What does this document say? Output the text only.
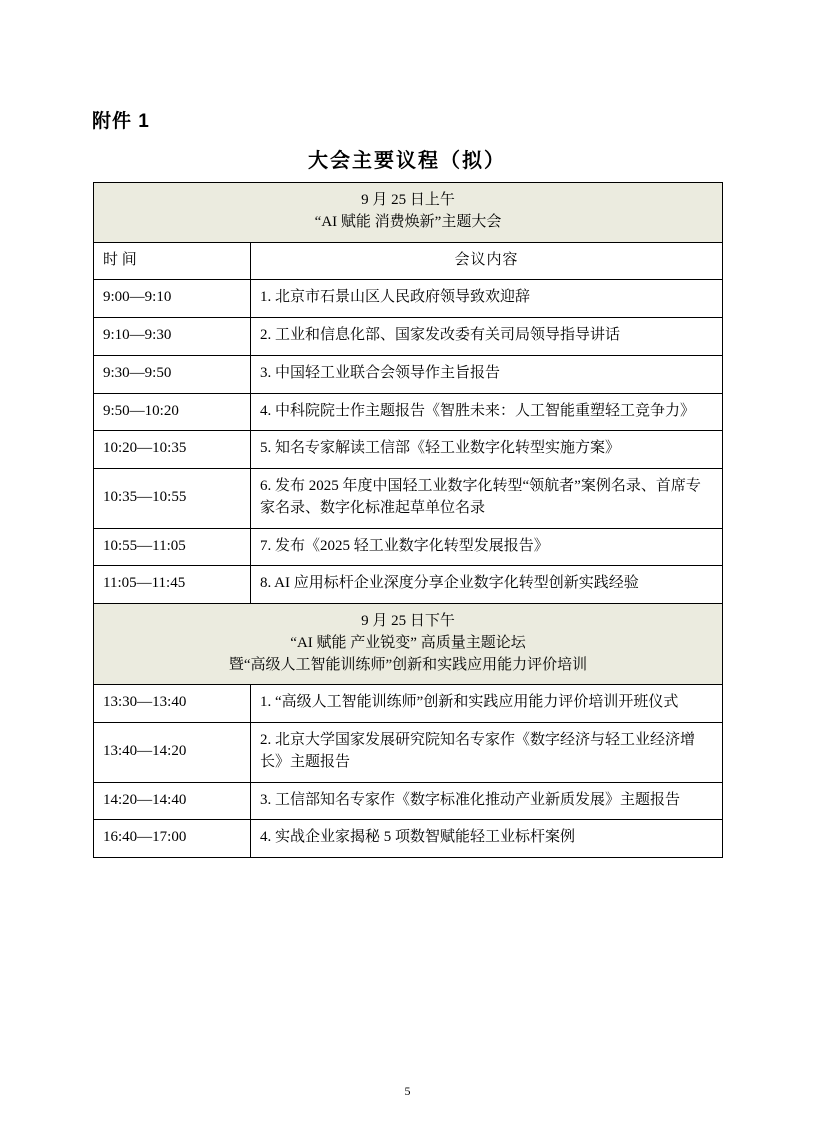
附件 1
大会主要议程（拟）
9 月 25 日上午
“AI 赋能 消费焕新”主题大会	

时 间	会议内容
9:00—9:10	1. 北京市石景山区人民政府领导致欢迎辞
9:10—9:30	2. 工业和信息化部、国家发改委有关司局领导指导讲话
9:30—9:50	3. 中国轻工业联合会领导作主旨报告
9:50—10:20	4. 中科院院士作主题报告《智胜未来：人工智能重塑轻工竞争力》
10:20—10:35	5. 知名专家解读工信部《轻工业数字化转型实施方案》
10:35—10:55	6. 发布 2025 年度中国轻工业数字化转型“领航者”案例名录、首席专家名录、数字化标准起草单位名录
10:55—11:05	7. 发布《2025 轻工业数字化转型发展报告》
11:05—11:45	8. AI 应用标杆企业深度分享企业数字化转型创新实践经验

9 月 25 日下午
“AI 赋能 产业锐变” 高质量主题论坛
暨“高级人工智能训练师”创新和实践应用能力评价培训	

13:30—13:40	1. “高级人工智能训练师”创新和实践应用能力评价培训开班仪式
13:40—14:20	2. 北京大学国家发展研究院知名专家作《数字经济与轻工业经济增长》主题报告
14:20—14:40	3. 工信部知名专家作《数字标准化推动产业新质发展》主题报告
16:40—17:00	4. 实战企业家揭秘 5 项数智赋能轻工业标杆案例
5
